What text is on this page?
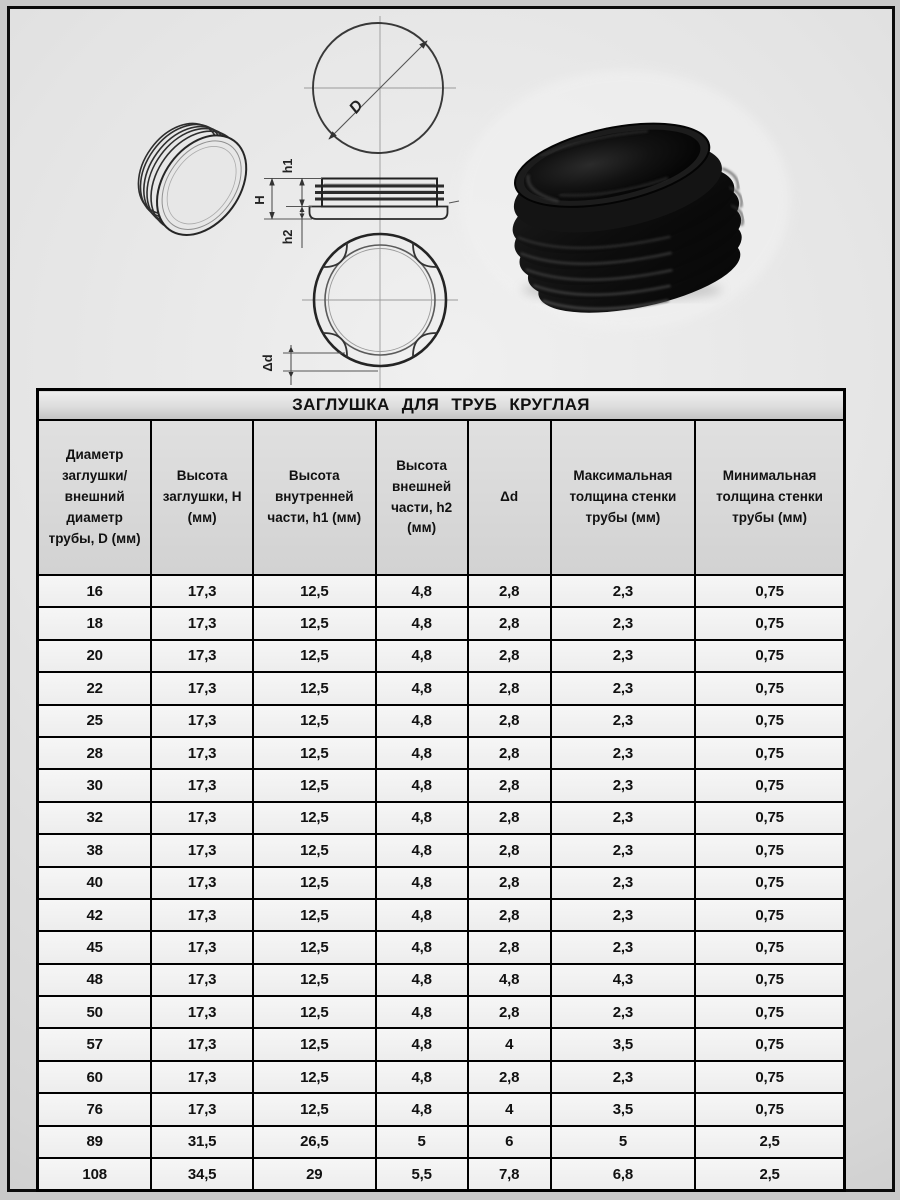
D
H
h1
h2
Δd
ЗАГЛУШКА ДЛЯ ТРУБ КРУГЛАЯ						
Диаметр заглушки/ внешний диаметр трубы, D (мм)	Высота заглушки, H (мм)	Высота внутренней части, h1 (мм)	Высота внешней части, h2 (мм)	Δd	Максимальная толщина стенки трубы (мм)	Минимальная толщина стенки трубы (мм)
16	17,3	12,5	4,8	2,8	2,3	0,75
18	17,3	12,5	4,8	2,8	2,3	0,75
20	17,3	12,5	4,8	2,8	2,3	0,75
22	17,3	12,5	4,8	2,8	2,3	0,75
25	17,3	12,5	4,8	2,8	2,3	0,75
28	17,3	12,5	4,8	2,8	2,3	0,75
30	17,3	12,5	4,8	2,8	2,3	0,75
32	17,3	12,5	4,8	2,8	2,3	0,75
38	17,3	12,5	4,8	2,8	2,3	0,75
40	17,3	12,5	4,8	2,8	2,3	0,75
42	17,3	12,5	4,8	2,8	2,3	0,75
45	17,3	12,5	4,8	2,8	2,3	0,75
48	17,3	12,5	4,8	4,8	4,3	0,75
50	17,3	12,5	4,8	2,8	2,3	0,75
57	17,3	12,5	4,8	4	3,5	0,75
60	17,3	12,5	4,8	2,8	2,3	0,75
76	17,3	12,5	4,8	4	3,5	0,75
89	31,5	26,5	5	6	5	2,5
108	34,5	29	5,5	7,8	6,8	2,5
